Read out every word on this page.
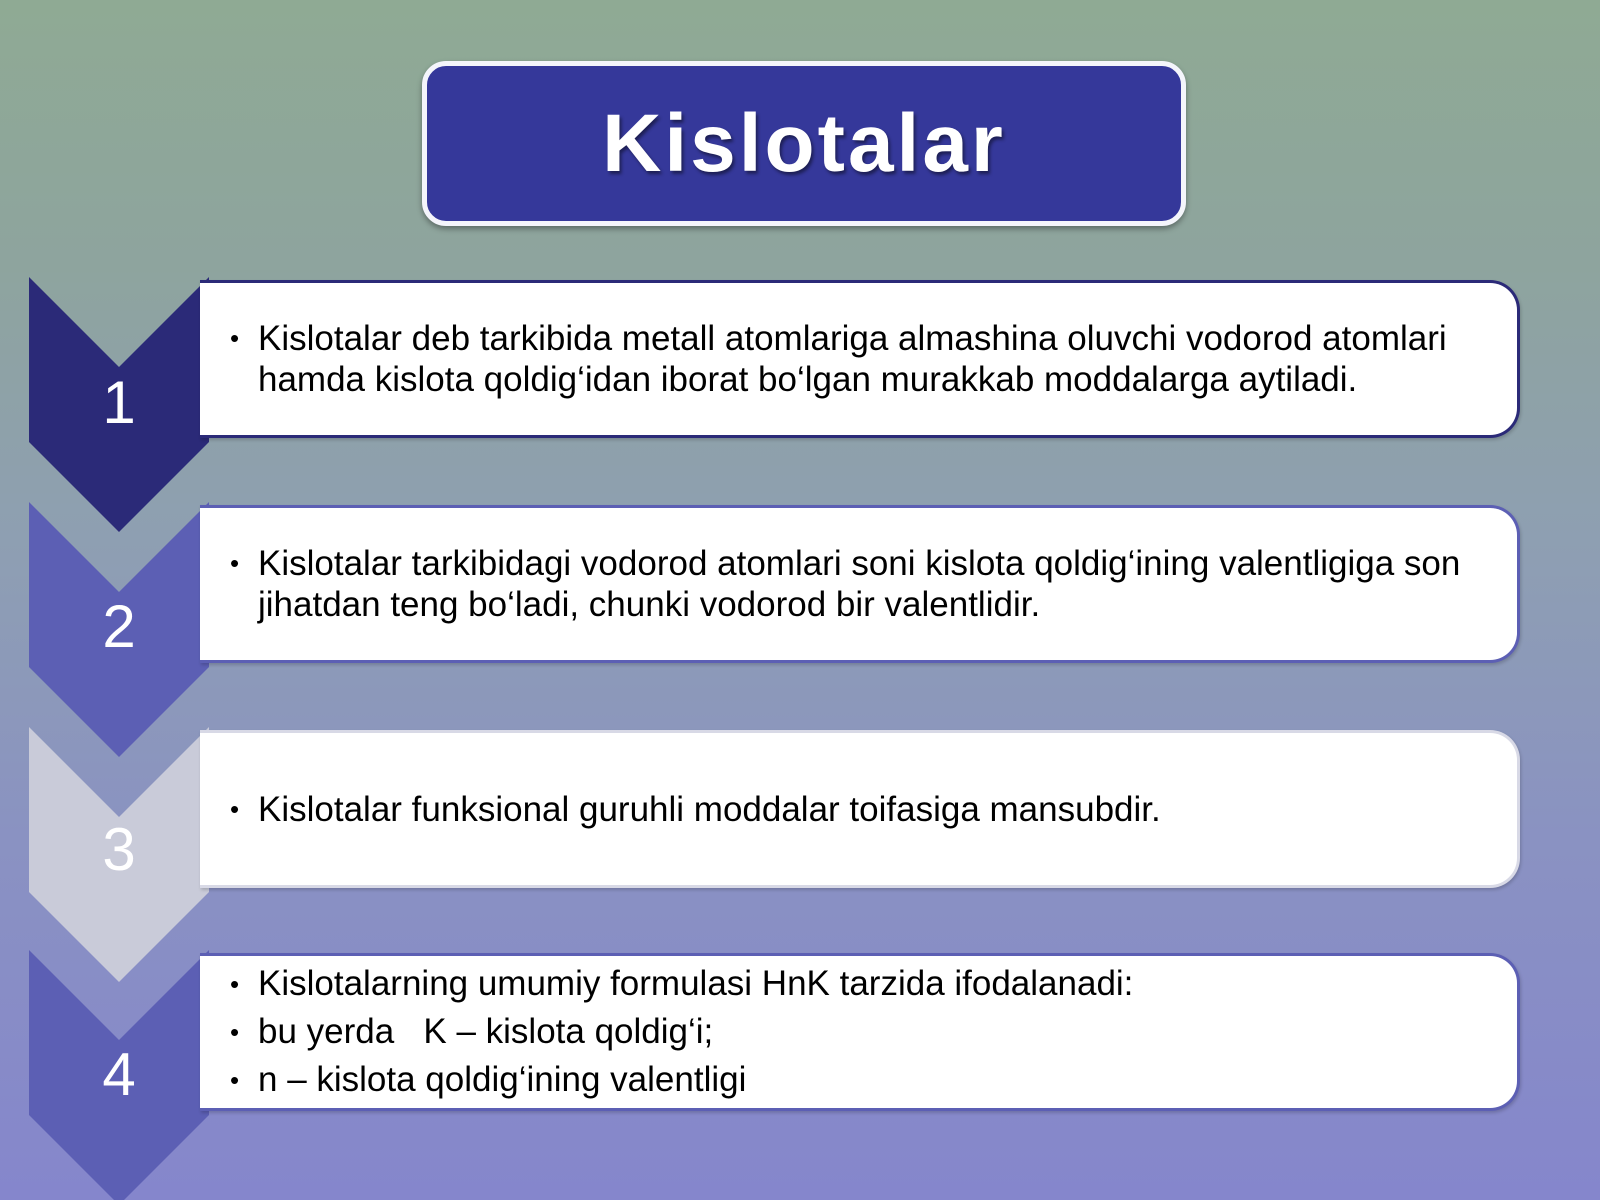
Kislotalar
1
• Kislotalar deb tarkibida metall atomlariga almashina oluvchi vodorod atomlari hamda kislota qoldig‘idan iborat bo‘lgan murakkab moddalarga aytiladi.
2
• Kislotalar tarkibidagi vodorod atomlari soni kislota qoldig‘ining valentligiga son jihatdan teng bo‘ladi, chunki vodorod bir valentlidir.
3
• Kislotalar funksional guruhli moddalar toifasiga mansubdir.
4
• Kislotalarning umumiy formulasi HnK tarzida ifodalanadi:
• bu yerda   K – kislota qoldig‘i;
• n – kislota qoldig‘ining valentligi
